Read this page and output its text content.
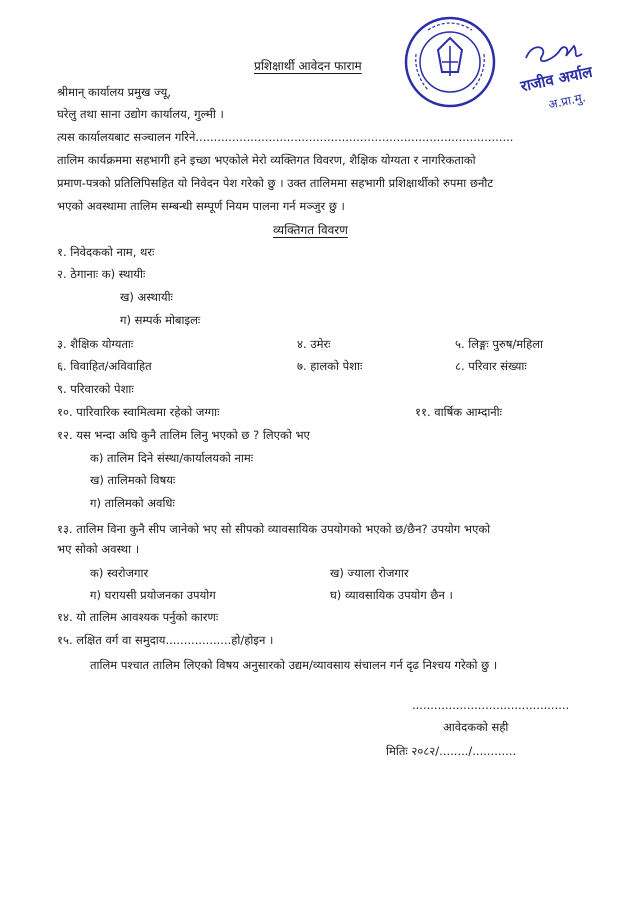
राजीव अर्याल
अ.प्रा.मु.
प्रशिक्षार्थी आवेदन फाराम
श्रीमान् कार्यालय प्रमुख ज्यू,
घरेलु तथा साना उद्योग कार्यालय, गुल्मी ।
त्यस कार्यालयबाट सञ्चालन गरिने.......................................................................................
तालिम कार्यक्रममा सहभागी हने इच्छा भएकोले मेरो व्यक्तिगत विवरण, शैक्षिक योग्यता र नागरिकताको
प्रमाण-पत्रको प्रतिलिपिसहित यो निवेदन पेश गरेको छु । उक्त तालिममा सहभागी प्रशिक्षार्थीको रुपमा छनौट
भएको अवस्थामा तालिम सम्बन्धी सम्पूर्ण नियम पालना गर्न मञ्जुर छु ।
व्यक्तिगत विवरण
१. निवेदकको नाम, थरः
२. ठेगानाः क) स्थायीः
ख) अस्थायीः
ग) सम्पर्क मोबाइलः
३. शैक्षिक योग्यताः	४. उमेरः	५. लिङ्गः पुरुष/महिला
६. विवाहित/अविवाहित	७. हालको पेशाः	८. परिवार संख्याः
९. परिवारको पेशाः
१०. पारिवारिक स्वामित्वमा रहेको जग्गाः	११. वार्षिक आम्दानीः
१२. यस भन्दा अघि कुनै तालिम लिनु भएको छ ? लिएको भए
क) तालिम दिने संस्था/कार्यालयको नामः
ख) तालिमको विषयः
ग) तालिमको अवधिः
१३. तालिम विना कुनै सीप जानेको भए सो सीपको व्यावसायिक उपयोगको भएको छ/छैन? उपयोग भएको
भए सोको अवस्था ।
क) स्वरोजगार	ख) ज्याला रोजगार
ग) घरायसी प्रयोजनका उपयोग	घ) व्यावसायिक उपयोग छैन ।
१४. यो तालिम आवश्यक पर्नुको कारणः
१५. लक्षित वर्ग वा समुदाय..................हो/होइन ।
तालिम पश्चात तालिम लिएको विषय अनुसारको उद्यम/व्यावसाय संचालन गर्न दृढ निश्चय गरेको छु ।
...........................................
आवेदकको सही
मितिः २०८२/......../............
